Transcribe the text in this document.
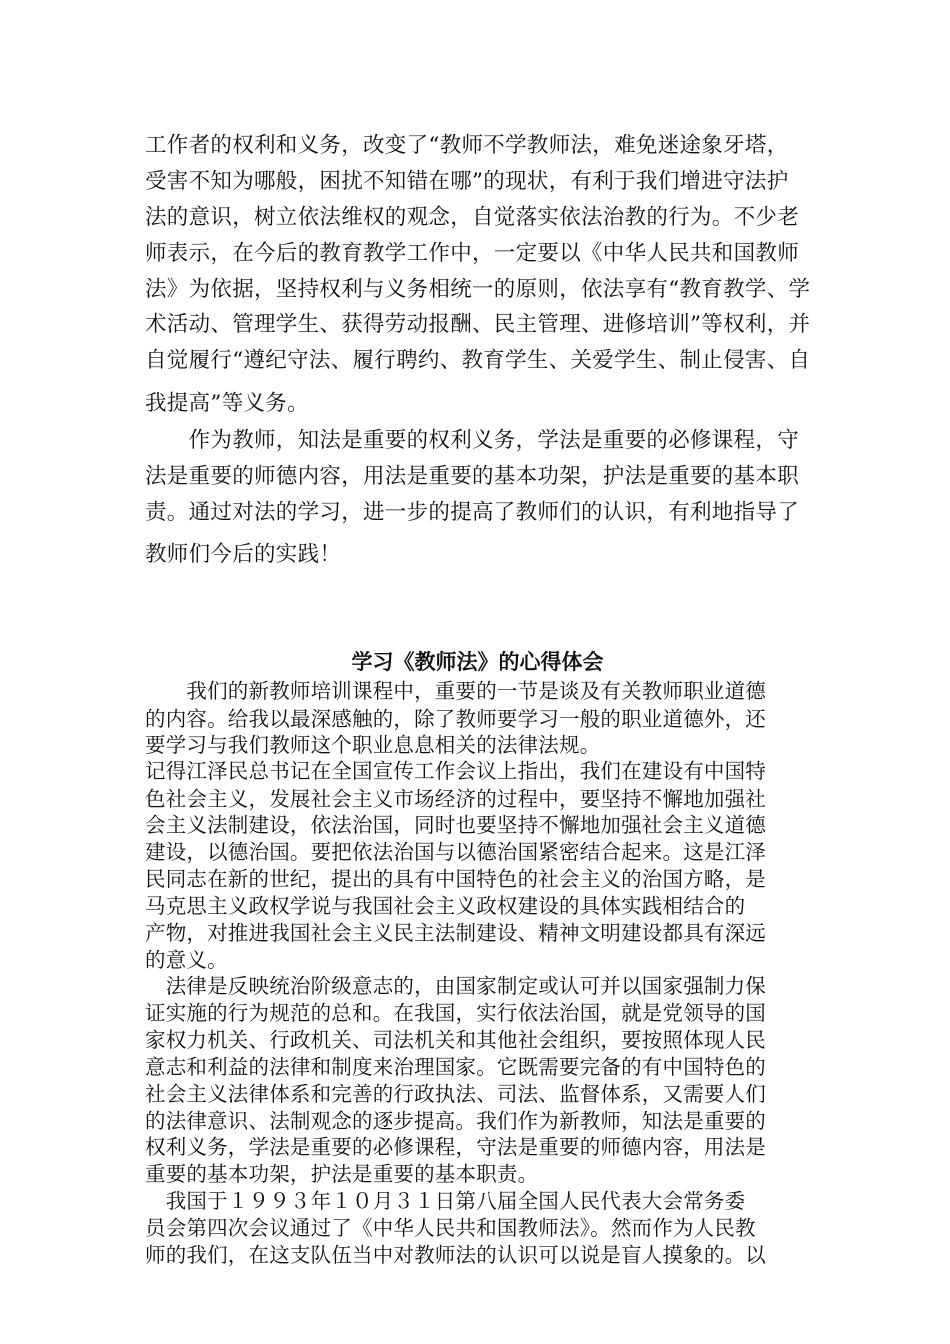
工作者的权利和义务，改变了“教师不学教师法，难免迷途象牙塔，
受害不知为哪般，困扰不知错在哪”的现状，有利于我们增进守法护
法的意识，树立依法维权的观念，自觉落实依法治教的行为。不少老
师表示，在今后的教育教学工作中，一定要以《中华人民共和国教师
法》为依据，坚持权利与义务相统一的原则，依法享有“教育教学、学
术活动、管理学生、获得劳动报酬、民主管理、进修培训”等权利，并
自觉履行“遵纪守法、履行聘约、教育学生、关爱学生、制止侵害、自
我提高”等义务。
　　作为教师，知法是重要的权利义务，学法是重要的必修课程，守
法是重要的师德内容，用法是重要的基本功架，护法是重要的基本职
责。通过对法的学习，进一步的提高了教师们的认识，有利地指导了
教师们今后的实践！
学习《教师法》的心得体会
　　我们的新教师培训课程中，重要的一节是谈及有关教师职业道德
的内容。给我以最深感触的，除了教师要学习一般的职业道德外，还
要学习与我们教师这个职业息息相关的法律法规。
记得江泽民总书记在全国宣传工作会议上指出，我们在建设有中国特
色社会主义，发展社会主义市场经济的过程中，要坚持不懈地加强社
会主义法制建设，依法治国，同时也要坚持不懈地加强社会主义道德
建设，以德治国。要把依法治国与以德治国紧密结合起来。这是江泽
民同志在新的世纪，提出的具有中国特色的社会主义的治国方略，是
马克思主义政权学说与我国社会主义政权建设的具体实践相结合的
产物，对推进我国社会主义民主法制建设、精神文明建设都具有深远
的意义。
　法律是反映统治阶级意志的，由国家制定或认可并以国家强制力保
证实施的行为规范的总和。在我国，实行依法治国，就是党领导的国
家权力机关、行政机关、司法机关和其他社会组织，要按照体现人民
意志和利益的法律和制度来治理国家。它既需要完备的有中国特色的
社会主义法律体系和完善的行政执法、司法、监督体系，又需要人们
的法律意识、法制观念的逐步提高。我们作为新教师，知法是重要的
权利义务，学法是重要的必修课程，守法是重要的师德内容，用法是
重要的基本功架，护法是重要的基本职责。
　我国于１９９３年１０月３１日第八届全国人民代表大会常务委
员会第四次会议通过了《中华人民共和国教师法》。然而作为人民教
师的我们，在这支队伍当中对教师法的认识可以说是盲人摸象的。以
